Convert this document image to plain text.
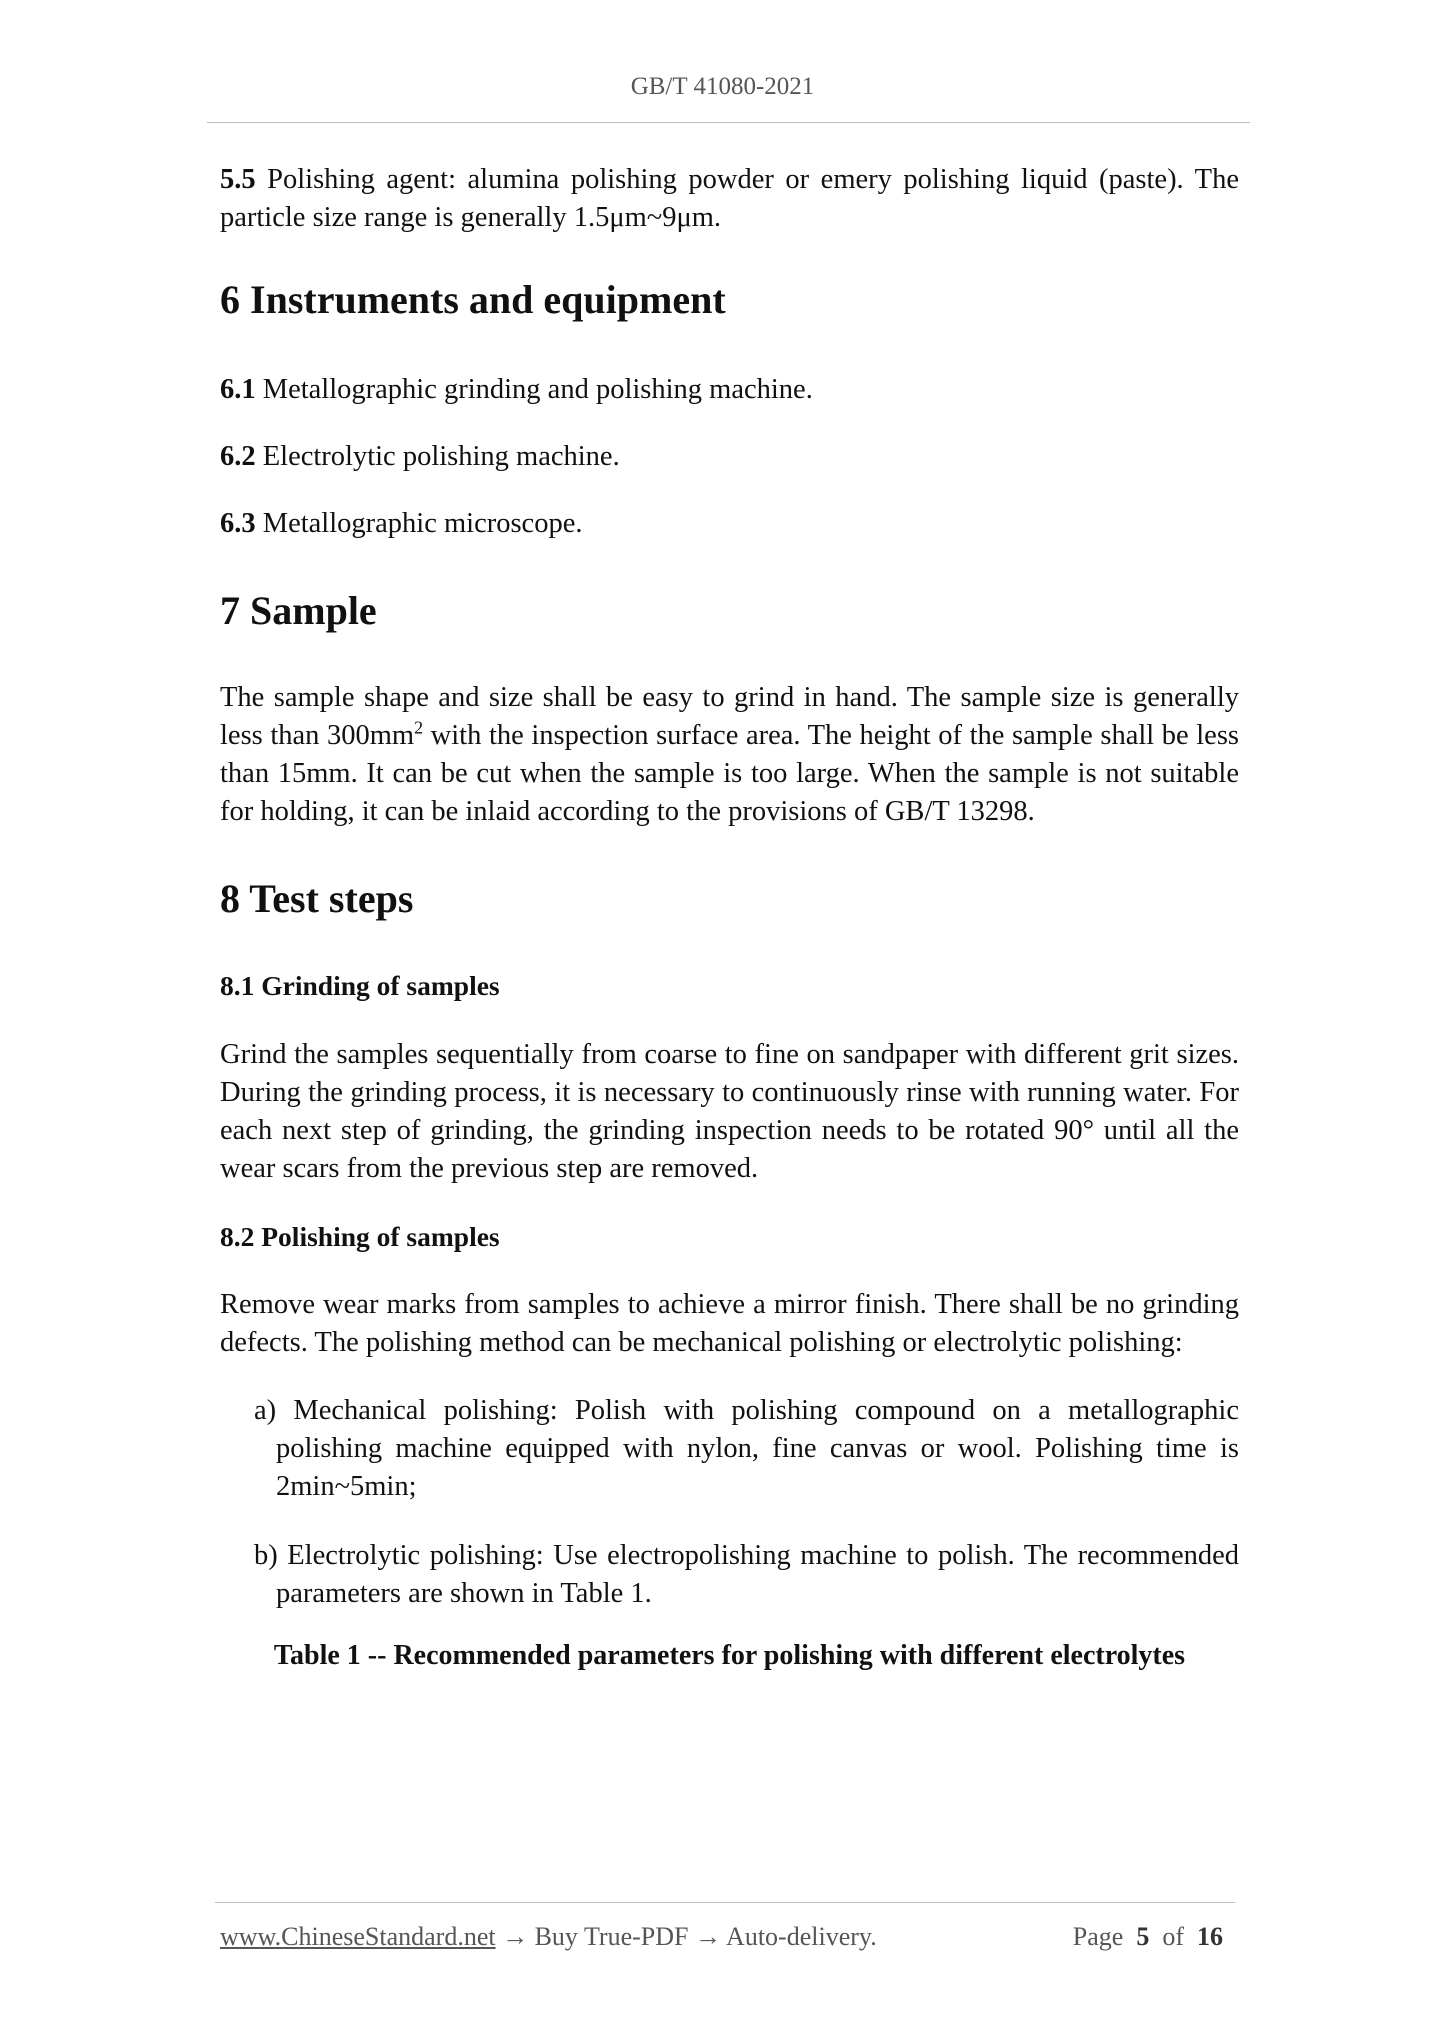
GB/T 41080-2021

5.5 Polishing agent: alumina polishing powder or emery polishing liquid (paste). The particle size range is generally 1.5μm~9μm.

6 Instruments and equipment

6.1 Metallographic grinding and polishing machine.

6.2 Electrolytic polishing machine.

6.3 Metallographic microscope.

7 Sample

The sample shape and size shall be easy to grind in hand. The sample size is generally less than $300mm^2$ with the inspection surface area. The height of the sample shall be less than 15mm. It can be cut when the sample is too large. When the sample is not suitable for holding, it can be inlaid according to the provisions of GB/T 13298.

8 Test steps
8.1 Grinding of samples

Grind the samples sequentially from coarse to fine on sandpaper with different grit sizes. During the grinding process, it is necessary to continuously rinse with running water. For each next step of grinding, the grinding inspection needs to be rotated 90° until all the wear scars from the previous step are removed.

8.2 Polishing of samples

Remove wear marks from samples to achieve a mirror finish. There shall be no grinding defects. The polishing method can be mechanical polishing or electrolytic polishing:

a) Mechanical polishing: Polish with polishing compound on a metallographic polishing machine equipped with nylon, fine canvas or wool. Polishing time is 2min~5min;

b) Electrolytic polishing: Use electropolishing machine to polish. The recommended parameters are shown in Table 1.

Table 1 -- Recommended parameters for polishing with different electrolytes

www.ChineseStandard.net → Buy True-PDF → Auto-delivery.	Page 5 of 16
